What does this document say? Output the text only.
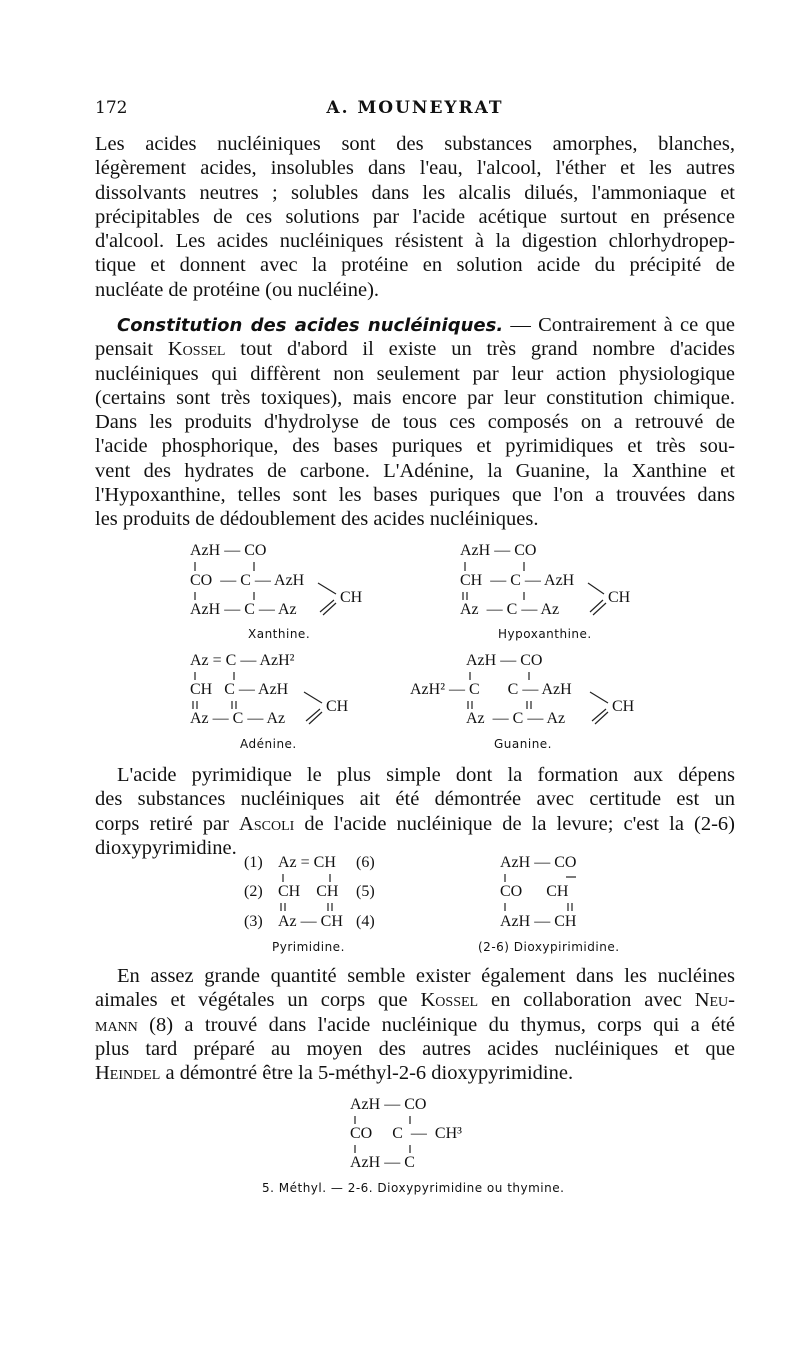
172	A. MOUNEYRAT
Les acides nucléiniques sont des substances amorphes, blanches,
légèrement acides, insolubles dans l'eau, l'alcool, l'éther et les autres
dissolvants neutres ; solubles dans les alcalis dilués, l'ammoniaque et
précipitables de ces solutions par l'acide acétique surtout en présence
d'alcool. Les acides nucléiniques résistent à la digestion chlorhydropep-
tique et donnent avec la protéine en solution acide du précipité de
nucléate de protéine (ou nucléine).
Constitution des acides nucléiniques. — Contrairement à ce que
pensait Kossel tout d'abord il existe un très grand nombre d'acides
nucléiniques qui diffèrent non seulement par leur action physiologique
(certains sont très toxiques), mais encore par leur constitution chimique.
Dans les produits d'hydrolyse de tous ces composés on a retrouvé de
l'acide phosphorique, des bases puriques et pyrimidiques et très sou-
vent des hydrates de carbone. L'Adénine, la Guanine, la Xanthine et
l'Hypoxanthine, telles sont les bases puriques que l'on a trouvées dans
les produits de dédoublement des acides nucléiniques.
AzH — CO
CO  — C — AzH
AzH — C — Az
CH
Xanthine.
AzH — CO
CH  — C — AzH
Az  — C — Az
CH
Hypoxanthine.
Az = C — AzH²
CH   C — AzH
Az — C — Az
CH
Adénine.
AzH — CO
AzH² — C       C — AzH
Az  — C — Az
CH
Guanine.
L'acide pyrimidique le plus simple dont la formation aux dépens
des substances nucléiniques ait été démontrée avec certitude est un
corps retiré par Ascoli de l'acide nucléinique de la levure; c'est la (2-6)
dioxypyrimidine.
(1)
(2)
(3)
Az = CH
CH    CH
Az — CH
(6)
(5)
(4)
Pyrimidine.
AzH — CO
CO      CH
AzH — CH
(2-6) Dioxypirimidine.
En assez grande quantité semble exister également dans les nucléines
aimales et végétales un corps que Kossel en collaboration avec Neu-
mann (8) a trouvé dans l'acide nucléinique du thymus, corps qui a été
plus tard préparé au moyen des autres acides nucléiniques et que
Heindel a démontré être la 5-méthyl-2-6 dioxypyrimidine.
AzH — CO
CO     C  —  CH³
AzH — C
5. Méthyl. — 2-6. Dioxypyrimidine ou thymine.
